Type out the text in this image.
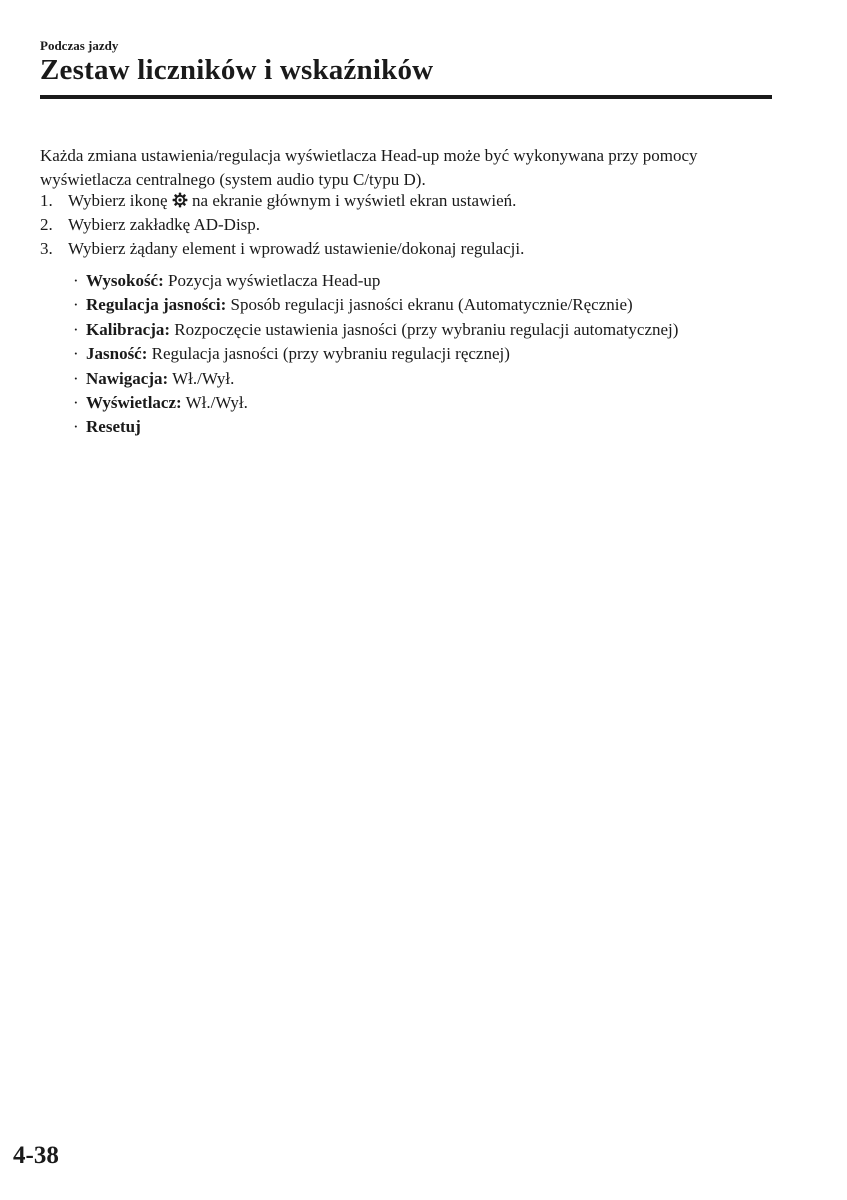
Podczas jazdy
Zestaw liczników i wskaźników

Każda zmiana ustawienia/regulacja wyświetlacza Head-up może być wykonywana przy pomocy wyświetlacza centralnego (system audio typu C/typu D).

1. Wybierz ikonę na ekranie głównym i wyświetl ekran ustawień.
2. Wybierz zakładkę AD-Disp.
3. Wybierz żądany element i wprowadź ustawienie/dokonaj regulacji.
· Wysokość: Pozycja wyświetlacza Head-up
· Regulacja jasności: Sposób regulacji jasności ekranu (Automatycznie/Ręcznie)
· Kalibracja: Rozpoczęcie ustawienia jasności (przy wybraniu regulacji automatycznej)
· Jasność: Regulacja jasności (przy wybraniu regulacji ręcznej)
· Nawigacja: Wł./Wył.
· Wyświetlacz: Wł./Wył.
· Resetuj
4-38
